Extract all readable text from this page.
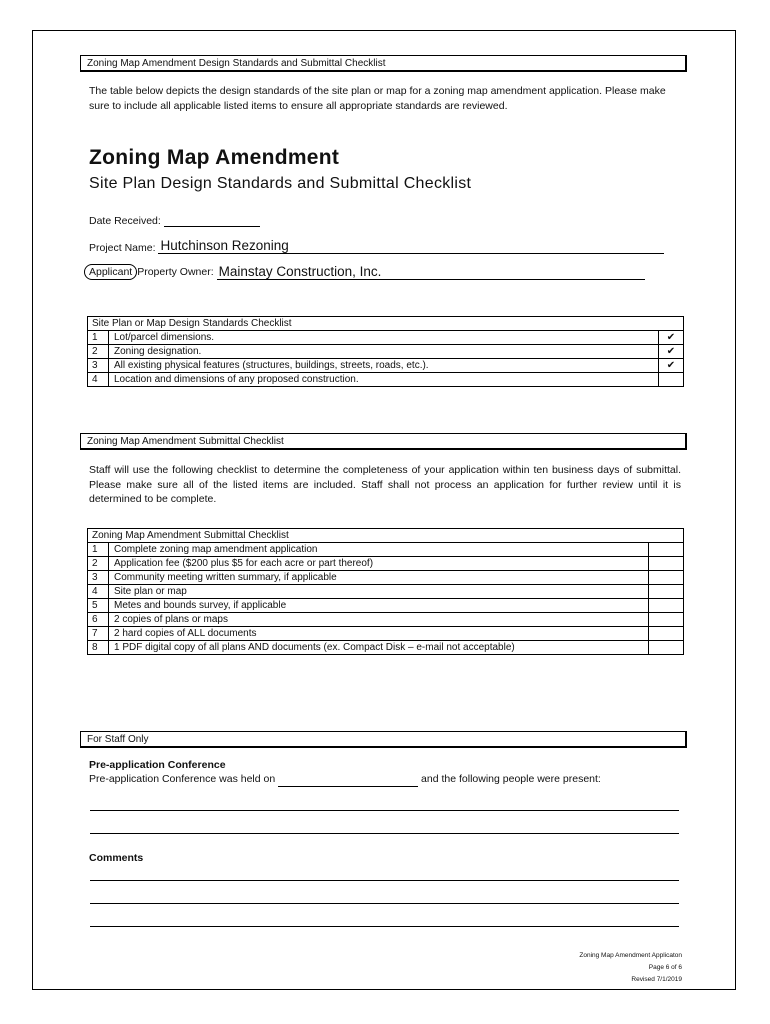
Zoning Map Amendment Design Standards and Submittal Checklist
The table below depicts the design standards of the site plan or map for a zoning map amendment application. Please make sure to include all applicable listed items to ensure all appropriate standards are reviewed.
Zoning Map Amendment
Site Plan Design Standards and Submittal Checklist
Date Received:
Project Name: Hutchinson Rezoning
Applicant Property Owner: Mainstay Construction, Inc.
Site Plan or Map Design Standards Checklist		
1	Lot/parcel dimensions.	✔
2	Zoning designation.	✔
3	All existing physical features (structures, buildings, streets, roads, etc.).	✔
4	Location and dimensions of any proposed construction.	
Zoning Map Amendment Submittal Checklist
Staff will use the following checklist to determine the completeness of your application within ten business days of submittal. Please make sure all of the listed items are included. Staff shall not process an application for further review until it is determined to be complete.
Zoning Map Amendment Submittal Checklist		
1	Complete zoning map amendment application	
2	Application fee ($200 plus $5 for each acre or part thereof)	
3	Community meeting written summary, if applicable	
4	Site plan or map	
5	Metes and bounds survey, if applicable	
6	2 copies of plans or maps	
7	2 hard copies of ALL documents	
8	1 PDF digital copy of all plans AND documents (ex. Compact Disk – e-mail not acceptable)	
For Staff Only
Pre-application Conference
Pre-application Conference was held on	and the following people were present:
Comments
Zoning Map Amendment Applicaton
Page 6 of 6
Revised 7/1/2019
